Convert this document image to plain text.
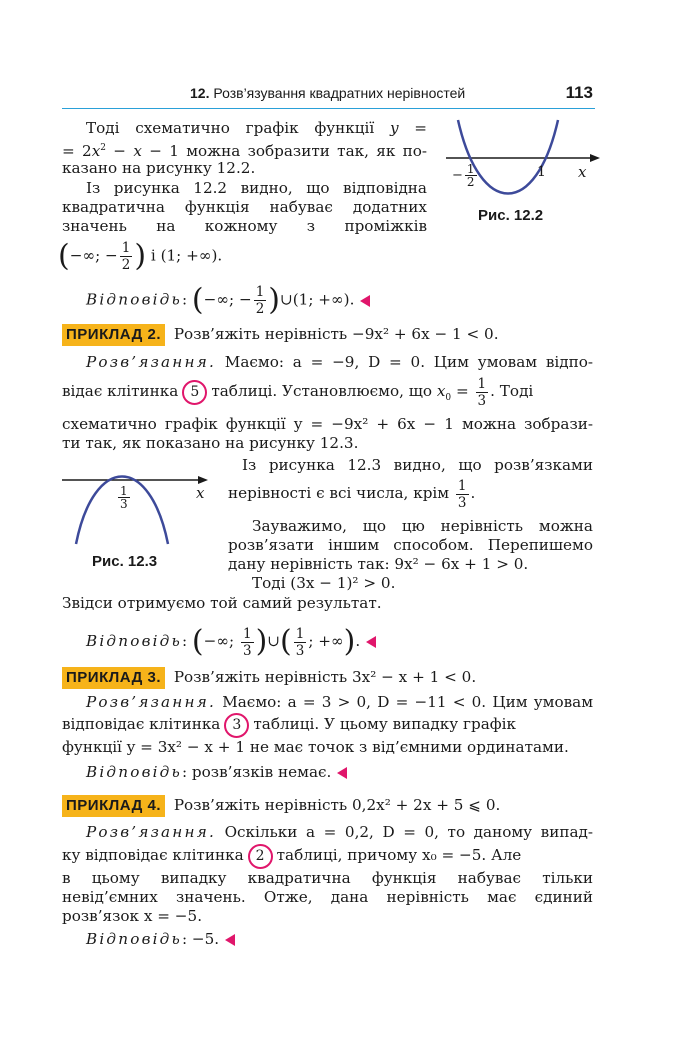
12. Розв’язування квадратних нерівностей	113
− $\frac{1}{2}$	1 x
Рис. 12.2
Тоді схематично графік функції y =
= $2x^2 - x - 1$ можна зобразити так, як по-
казано на рисунку 12.2.
Із рисунка 12.2 видно, що відповідна
квадратична функція набуває додатних
значень на кожному з проміжків
(−∞; − $\frac{1}{2}$ ) і (1; +∞).
Відповідь: (−∞; − $\frac{1}{2}$ )∪(1; +∞).
ПРИКЛАД 2. Розв’яжіть нерівність −9x² + 6x − 1 < 0.
Розв’язання. Маємо: a = −9, D = 0. Цим умовам відпо-
відає клітинка 5 таблиці. Установлюємо, що $x_0 = \frac{1}{3}$ . Тоді
схематично графік функції y = −9x² + 6x − 1 можна зобрази-
ти так, як показано на рисунку 12.3.
$\frac{1}{3}$	x
Рис. 12.3
Із рисунка 12.3 видно, що розв’язками
нерівності є всі числа, крім $\frac{1}{3}$ .
Зауважимо, що цю нерівність можна
розв’язати іншим способом. Перепишемо
дану нерівність так: 9x² − 6x + 1 > 0.
Тоді (3x − 1)² > 0.
Звідси отримуємо той самий результат.
Відповідь: (−∞; $\frac{1}{3}$ )∪( $\frac{1}{3}$ ; +∞).
ПРИКЛАД 3. Розв’яжіть нерівність 3x² − x + 1 < 0.
Розв’язання. Маємо: a = 3 > 0, D = −11 < 0. Цим умовам
відповідає клітинка 3 таблиці. У цьому випадку графік
функції y = 3x² − x + 1 не має точок з від’ємними ординатами.
Відповідь: розв’язків немає.
ПРИКЛАД 4. Розв’яжіть нерівність 0,2x² + 2x + 5 ⩽ 0.
Розв’язання. Оскільки a = 0,2, D = 0, то даному випад-
ку відповідає клітинка 2 таблиці, причому x₀ = −5. Але
в цьому випадку квадратична функція набуває тільки
невід’ємних значень. Отже, дана нерівність має єдиний
розв’язок x = −5.
Відповідь: −5.
